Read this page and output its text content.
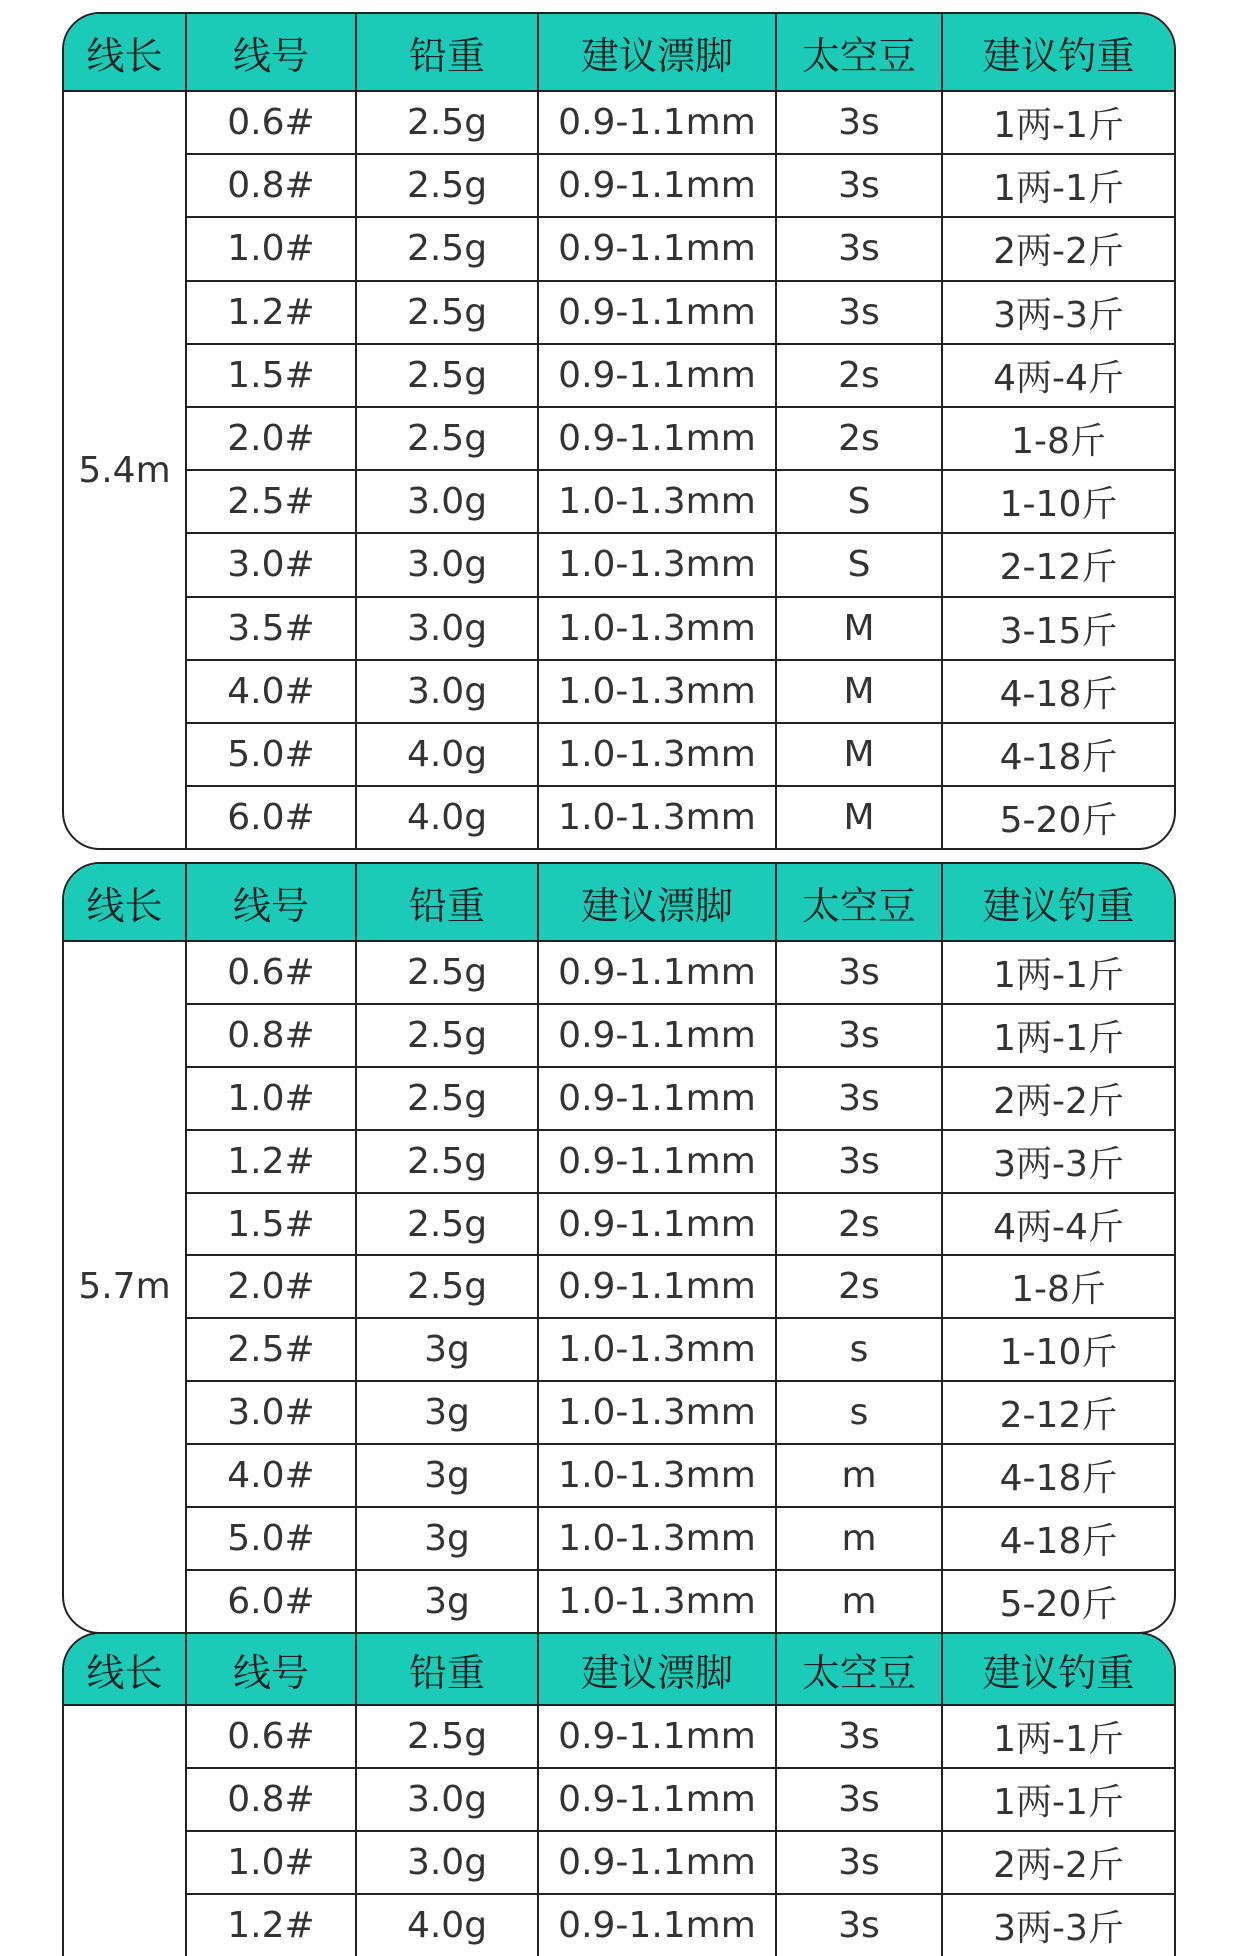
线长	线号	铅重	建议漂脚	太空豆	建议钓重
5.4m	0.6#	2.5g	0.9-1.1mm	3s	1两-1斤
	0.8#	2.5g	0.9-1.1mm	3s	1两-1斤
	1.0#	2.5g	0.9-1.1mm	3s	2两-2斤
	1.2#	2.5g	0.9-1.1mm	3s	3两-3斤
	1.5#	2.5g	0.9-1.1mm	2s	4两-4斤
	2.0#	2.5g	0.9-1.1mm	2s	1-8斤
	2.5#	3.0g	1.0-1.3mm	S	1-10斤
	3.0#	3.0g	1.0-1.3mm	S	2-12斤
	3.5#	3.0g	1.0-1.3mm	M	3-15斤
	4.0#	3.0g	1.0-1.3mm	M	4-18斤
	5.0#	4.0g	1.0-1.3mm	M	4-18斤
	6.0#	4.0g	1.0-1.3mm	M	5-20斤
线长	线号	铅重	建议漂脚	太空豆	建议钓重
5.7m	0.6#	2.5g	0.9-1.1mm	3s	1两-1斤
	0.8#	2.5g	0.9-1.1mm	3s	1两-1斤
	1.0#	2.5g	0.9-1.1mm	3s	2两-2斤
	1.2#	2.5g	0.9-1.1mm	3s	3两-3斤
	1.5#	2.5g	0.9-1.1mm	2s	4两-4斤
	2.0#	2.5g	0.9-1.1mm	2s	1-8斤
	2.5#	3g	1.0-1.3mm	s	1-10斤
	3.0#	3g	1.0-1.3mm	s	2-12斤
	4.0#	3g	1.0-1.3mm	m	4-18斤
	5.0#	3g	1.0-1.3mm	m	4-18斤
	6.0#	3g	1.0-1.3mm	m	5-20斤
线长	线号	铅重	建议漂脚	太空豆	建议钓重
	0.6#	2.5g	0.9-1.1mm	3s	1两-1斤
	0.8#	3.0g	0.9-1.1mm	3s	1两-1斤
	1.0#	3.0g	0.9-1.1mm	3s	2两-2斤
	1.2#	4.0g	0.9-1.1mm	3s	3两-3斤
